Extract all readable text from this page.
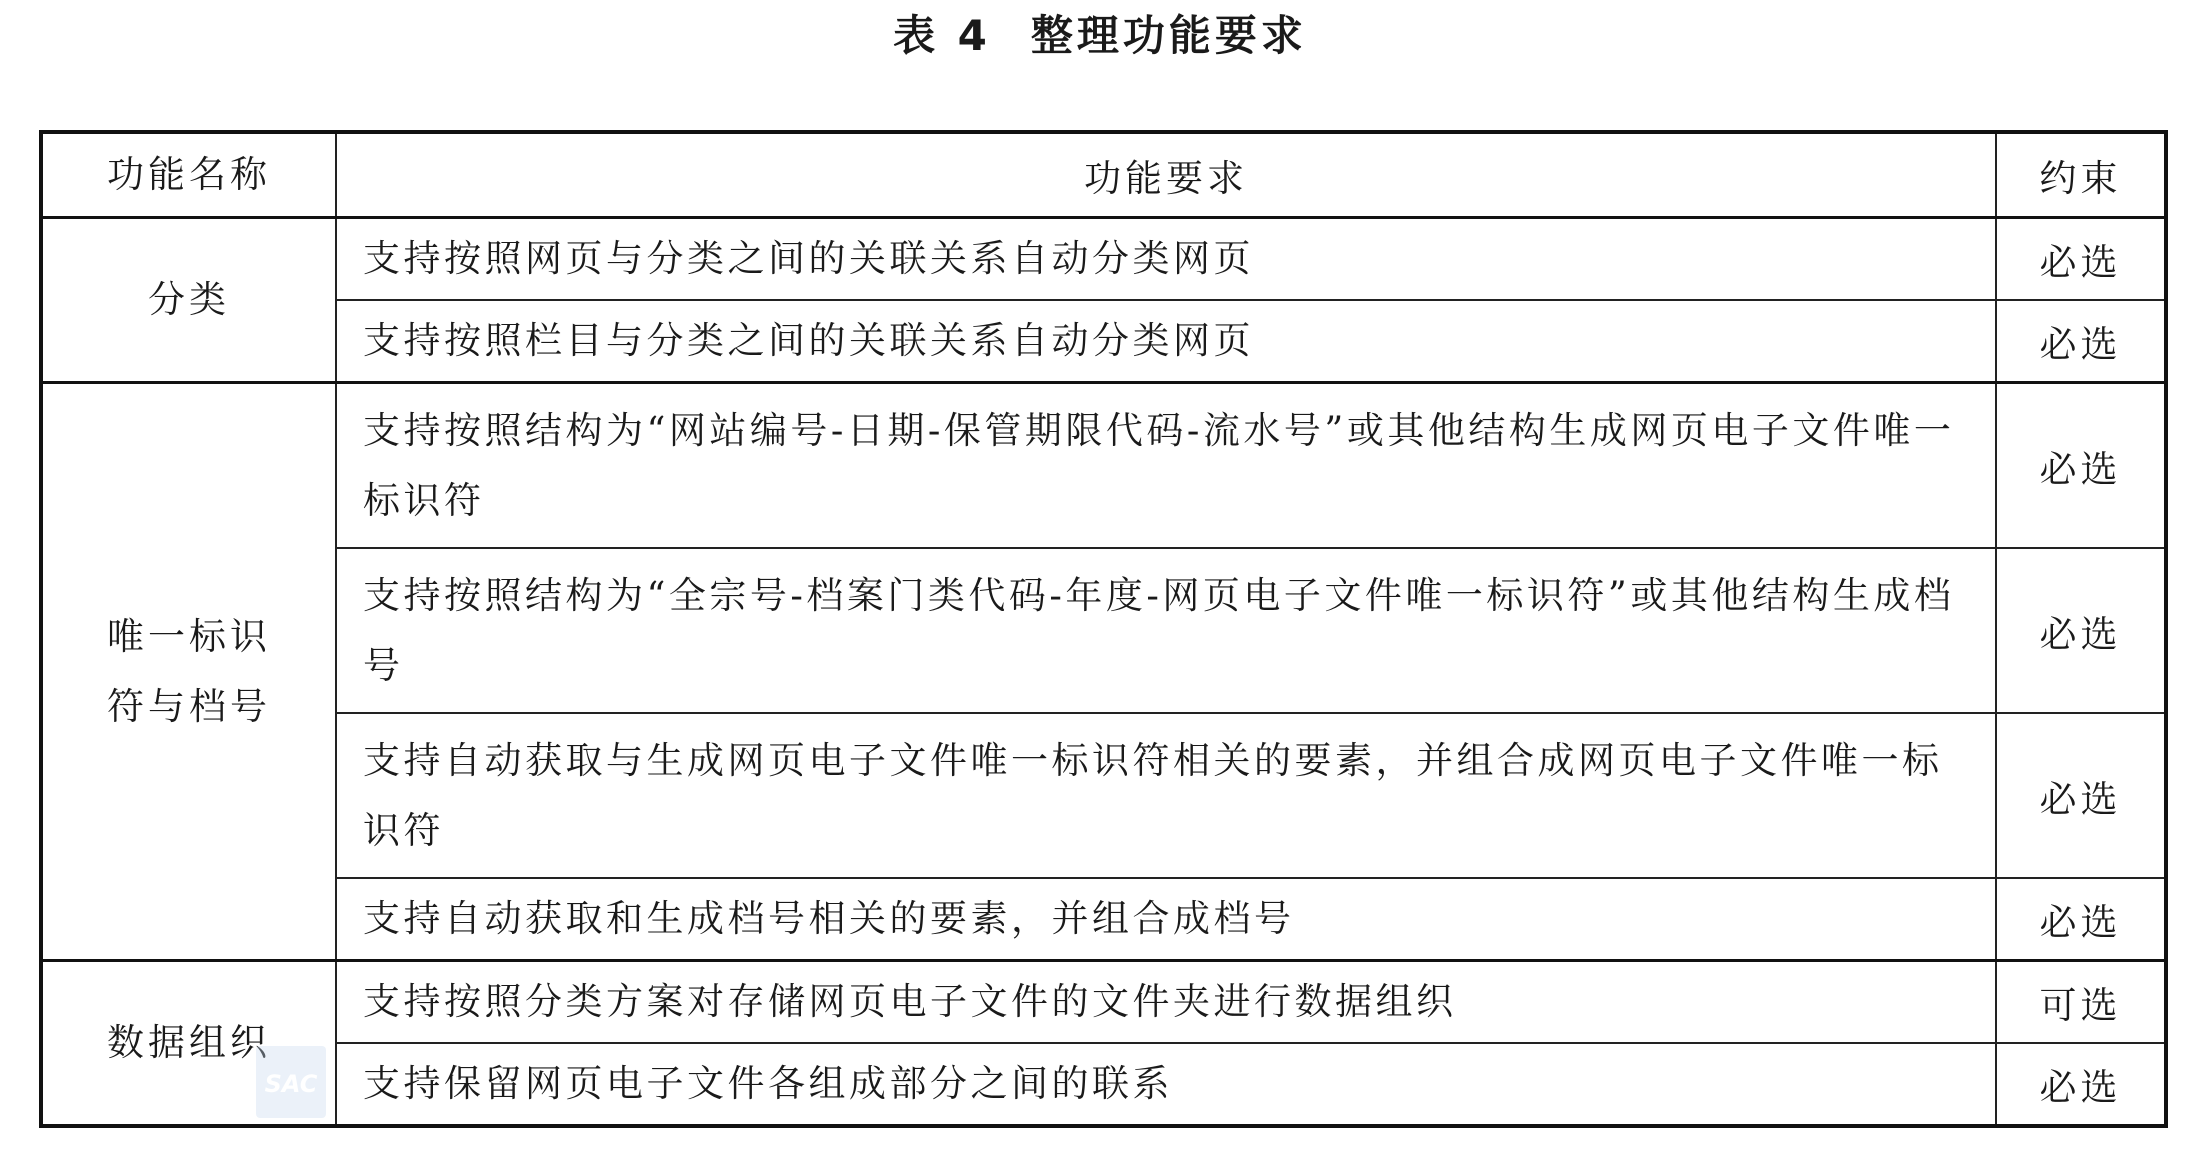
表 4 整理功能要求
功能名称	功能要求	约束
分类	支持按照网页与分类之间的关联关系自动分类网页	必选
	支持按照栏目与分类之间的关联关系自动分类网页	必选

唯一标识符与档号	支持按照结构为“网站编号-日期-保管期限代码-流水号”或其他结构生成网页电子文件唯一标识符	必选
	支持按照结构为“全宗号-档案门类代码-年度-网页电子文件唯一标识符”或其他结构生成档号	必选
	支持自动获取与生成网页电子文件唯一标识符相关的要素，并组合成网页电子文件唯一标识符	必选
	支持自动获取和生成档号相关的要素，并组合成档号	必选
数据组织	支持按照分类方案对存储网页电子文件的文件夹进行数据组织	可选
	支持保留网页电子文件各组成部分之间的联系	必选
SAC
